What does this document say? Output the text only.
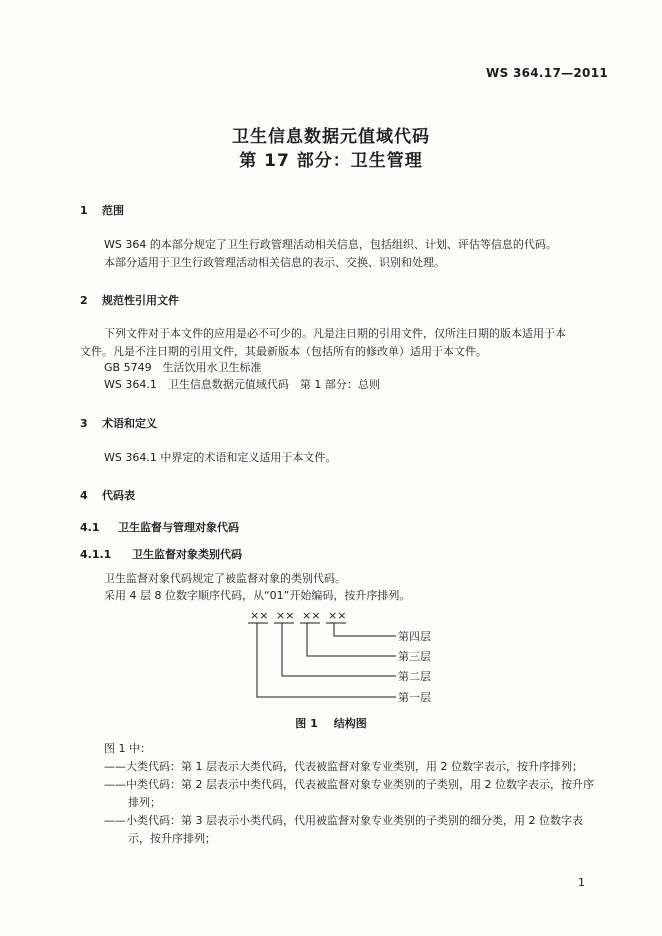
WS 364.17—2011
卫生信息数据元值域代码
第 17 部分：卫生管理
1 范围
WS 364 的本部分规定了卫生行政管理活动相关信息，包括组织、计划、评估等信息的代码。
本部分适用于卫生行政管理活动相关信息的表示、交换、识别和处理。
2 规范性引用文件
下列文件对于本文件的应用是必不可少的。凡是注日期的引用文件，仅所注日期的版本适用于本
文件。凡是不注日期的引用文件，其最新版本（包括所有的修改单）适用于本文件。
GB 5749　生活饮用水卫生标准
WS 364.1　卫生信息数据元值域代码　第 1 部分：总则
3 术语和定义
WS 364.1 中界定的术语和定义适用于本文件。
4 代码表
4.1 卫生监督与管理对象代码
4.1.1 卫生监督对象类别代码
卫生监督对象代码规定了被监督对象的类别代码。
采用 4 层 8 位数字顺序代码，从“01”开始编码，按升序排列。
×× ×× ×× ××
第四层
第三层
第二层
第一层
图 1 结构图
图 1 中：
——大类代码：第 1 层表示大类代码，代表被监督对象专业类别，用 2 位数字表示，按升序排列；
——中类代码：第 2 层表示中类代码，代表被监督对象专业类别的子类别，用 2 位数字表示，按升序
排列；
——小类代码：第 3 层表示小类代码，代用被监督对象专业类别的子类别的细分类，用 2 位数字表
示，按升序排列；
1
